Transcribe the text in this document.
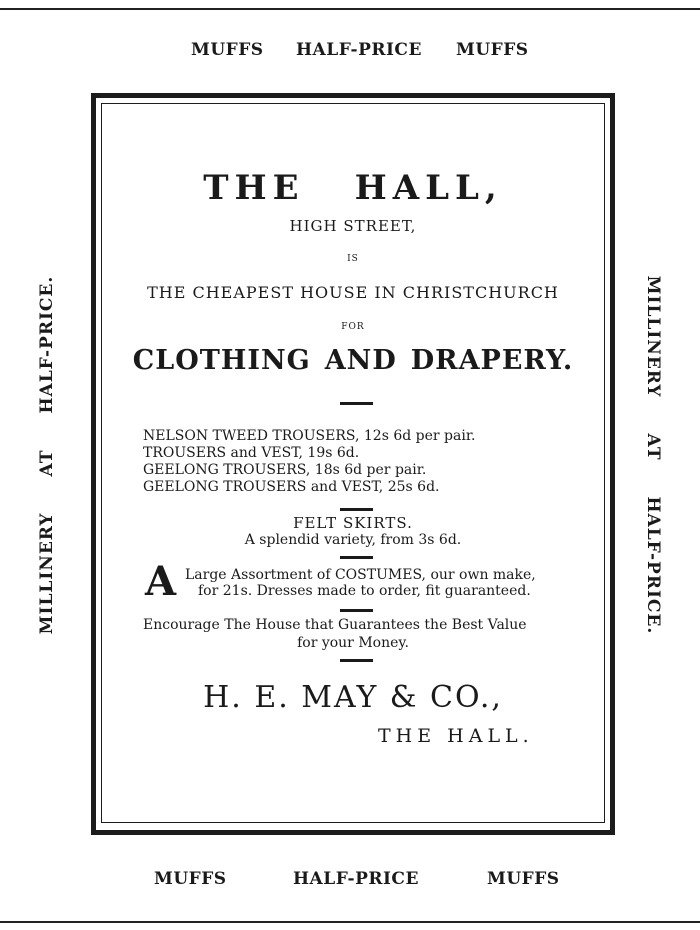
MUFFS HALF-PRICE MUFFS
MILLINERYATHALF-PRICE.	MILLINERYATHALF-PRICE.
THE HALL,
HIGH STREET,
IS
THE CHEAPEST HOUSE IN CHRISTCHURCH
FOR
CLOTHING AND DRAPERY.
NELSON TWEED TROUSERS, 12s 6d per pair.
TROUSERS and VEST, 19s 6d.
GEELONG TROUSERS, 18s 6d per pair.
GEELONG TROUSERS and VEST, 25s 6d.
FELT SKIRTS.
A splendid variety, from 3s 6d.
A Large Assortment of COSTUMES, our own make,
for 21s. Dresses made to order, fit guaranteed.
Encourage The House that Guarantees the Best Value
for your Money.
H. E. MAY & CO.,
THE HALL.
MUFFS	HALF-PRICE	MUFFS
